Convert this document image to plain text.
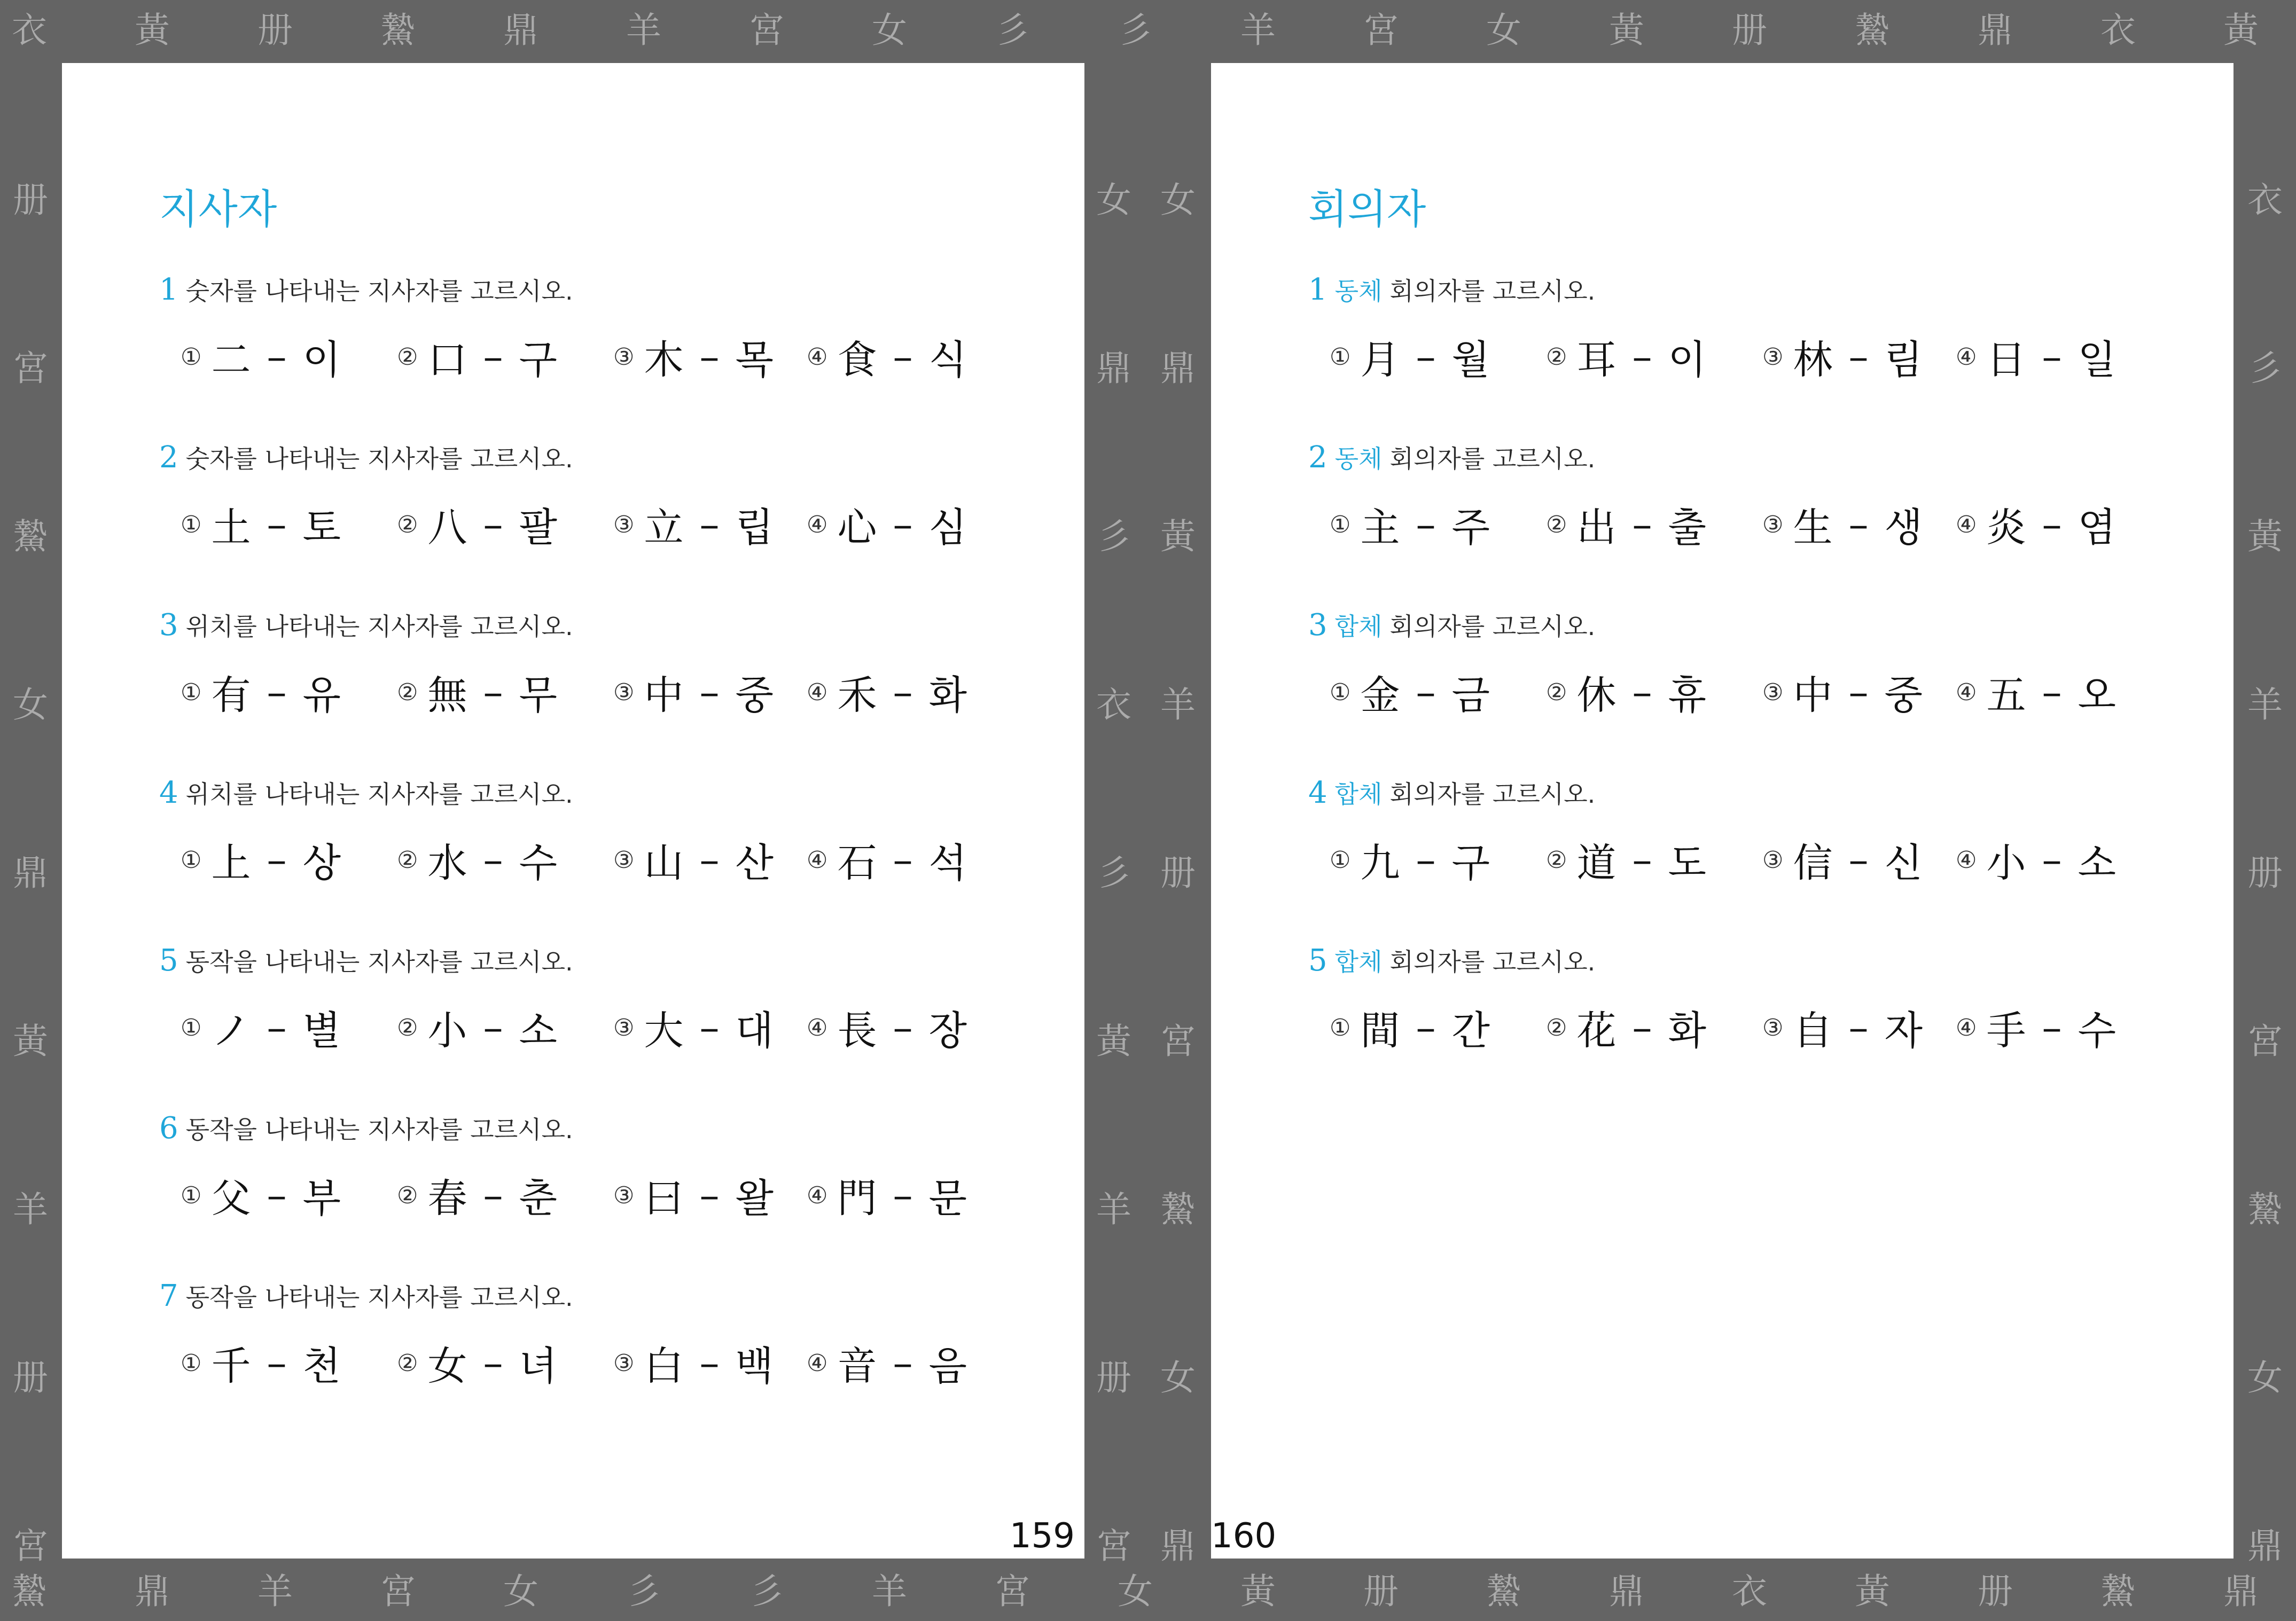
衣
䲀
黃
鼎
册
羊
䲀
宮
鼎
女
羊
彡
宮
彡
女
羊
彡
宮
彡
女
羊
黃
宮
册
女
䲀
黃
鼎
册
衣
䲀
黃
鼎
册
衣
䲀
黃
鼎
册
宮
䲀
女
鼎
黃
羊
册
宮
女
鼎
彡
衣
彡
黃
羊
册
宮
女
鼎
黃
羊
册
宮
䲀
女
鼎
衣
彡
黃
羊
册
宮
䲀
女
鼎
지사자
1 숫자를 나타내는 지사자를 고르시오.
① 二 – 이 ② 口 – 구 ③ 木 – 목 ④ 食 – 식
2 숫자를 나타내는 지사자를 고르시오.
① 土 – 토 ② 八 – 팔 ③ 立 – 립 ④ 心 – 심
3 위치를 나타내는 지사자를 고르시오.
① 有 – 유 ② 無 – 무 ③ 中 – 중 ④ 禾 – 화
4 위치를 나타내는 지사자를 고르시오.
① 上 – 상 ② 水 – 수 ③ 山 – 산 ④ 石 – 석
5 동작을 나타내는 지사자를 고르시오.
① ノ – 별 ② 小 – 소 ③ 大 – 대 ④ 長 – 장
6 동작을 나타내는 지사자를 고르시오.
① 父 – 부 ② 春 – 춘 ③ 曰 – 왈 ④ 門 – 문
7 동작을 나타내는 지사자를 고르시오.
① 千 – 천 ② 女 – 녀 ③ 白 – 백 ④ 音 – 음
159
회의자
1 동체 회의자를 고르시오.
① 月 – 월 ② 耳 – 이 ③ 林 – 림 ④ 日 – 일
2 동체 회의자를 고르시오.
① 主 – 주 ② 出 – 출 ③ 生 – 생 ④ 炎 – 염
3 합체 회의자를 고르시오.
① 金 – 금 ② 休 – 휴 ③ 中 – 중 ④ 五 – 오
4 합체 회의자를 고르시오.
① 九 – 구 ② 道 – 도 ③ 信 – 신 ④ 小 – 소
5 합체 회의자를 고르시오.
① 間 – 간 ② 花 – 화 ③ 自 – 자 ④ 手 – 수
160
